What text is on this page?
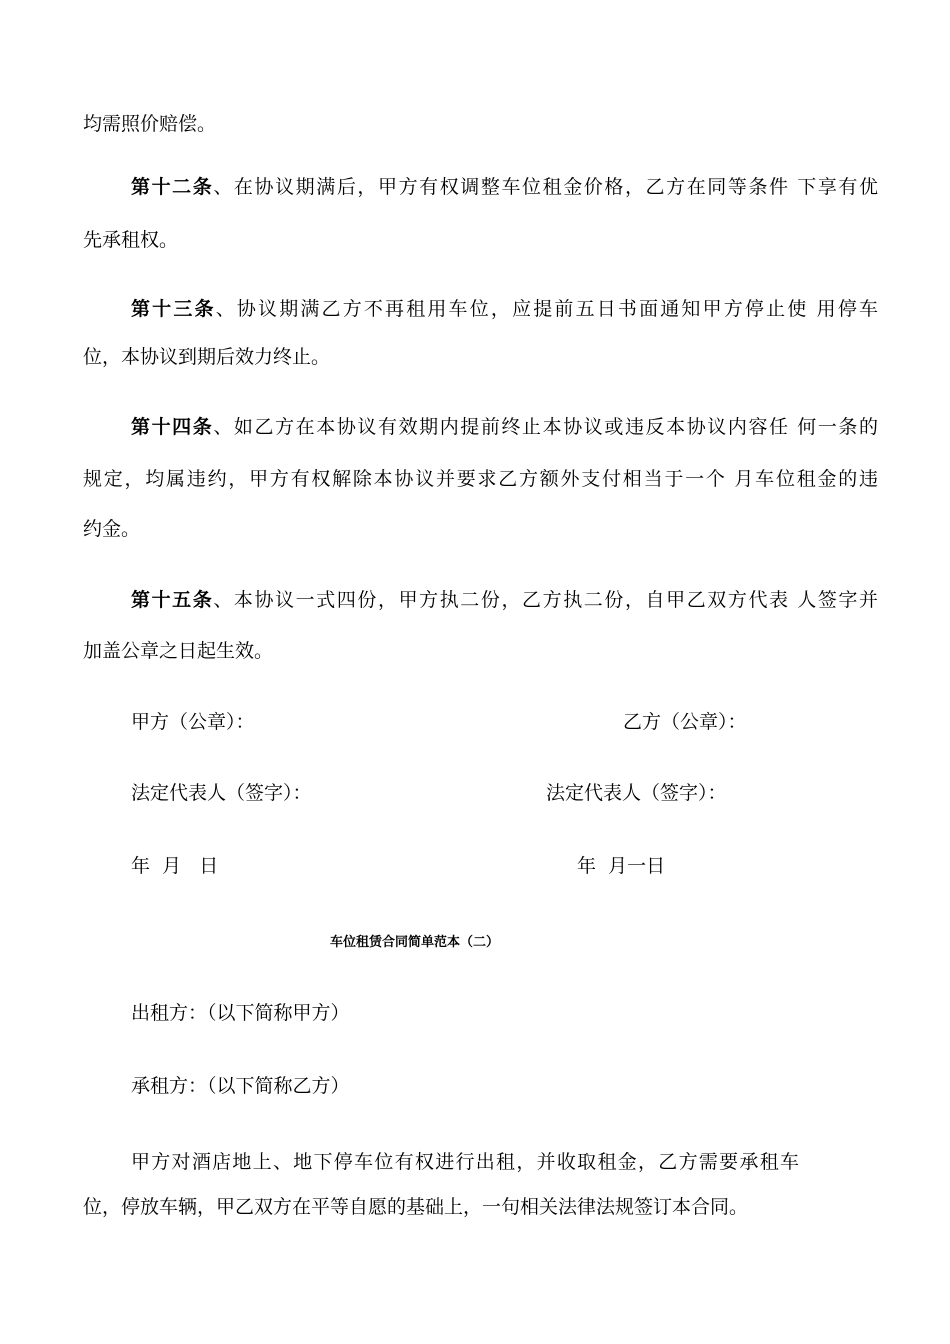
均需照价赔偿。
第十二条、在协议期满后，甲方有权调整车位租金价格，乙方在同等条件 下享有优
先承租权。
第十三条、协议期满乙方不再租用车位，应提前五日书面通知甲方停止使 用停车
位，本协议到期后效力终止。
第十四条、如乙方在本协议有效期内提前终止本协议或违反本协议内容任 何一条的
规定，均属违约，甲方有权解除本协议并要求乙方额外支付相当于一个 月车位租金的违
约金。
第十五条、本协议一式四份，甲方执二份，乙方执二份，自甲乙双方代表 人签字并
加盖公章之日起生效。
甲方（公章）：	乙方（公章）：
法定代表人（签字）：	法定代表人（签字）：
年  月   日	年  月一日
车位租赁合同简单范本（二）
出租方：（以下简称甲方）
承租方：（以下简称乙方）
甲方对酒店地上、地下停车位有权进行出租，并收取租金，乙方需要承租车
位，停放车辆，甲乙双方在平等自愿的基础上，一句相关法律法规签订本合同。
